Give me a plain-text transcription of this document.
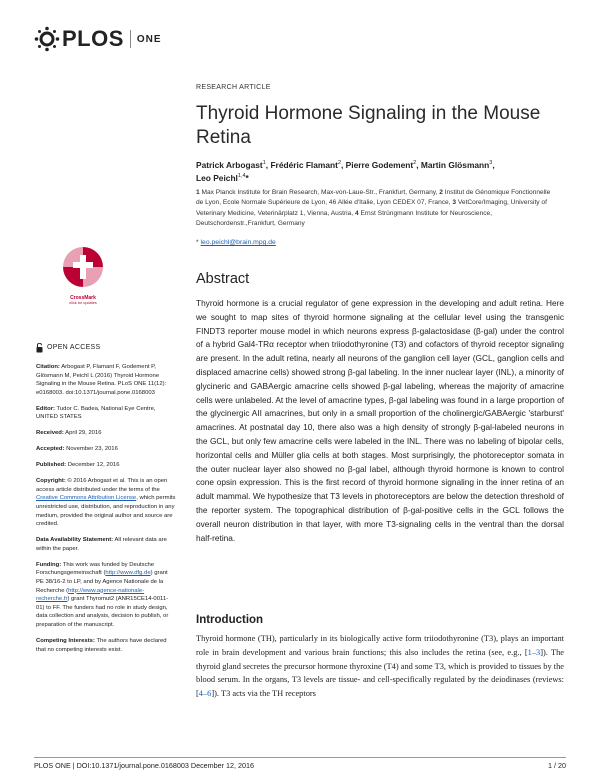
PLOS ONE
RESEARCH ARTICLE
Thyroid Hormone Signaling in the Mouse Retina
Patrick Arbogast$^1$, Frédéric Flamant$^2$, Pierre Godement$^2$, Martin Glösmann$^3$,
Leo Peichl$^{1,4}$*
1 Max Planck Institute for Brain Research, Max-von-Laue-Str., Frankfurt, Germany, 2 Institut de Génomique Fonctionnelle de Lyon, Ecole Normale Supérieure de Lyon, 46 Allée d'Italie, Lyon CEDEX 07, France, 3 VetCore/Imaging, University of Veterinary Medicine, Veterinärplatz 1, Vienna, Austria, 4 Ernst Strüngmann Institute for Neuroscience, Deutschordenstr.,Frankfurt, Germany
* leo.peichl@brain.mpg.de
CrossMark
click for updates
OPEN ACCESS

Citation: Arbogast P, Flamant F, Godement P, Glösmann M, Peichl L (2016) Thyroid Hormone Signaling in the Mouse Retina. PLoS ONE 11(12): e0168003. doi:10.1371/journal.pone.0168003

Editor: Tudor C. Badea, National Eye Centre, UNITED STATES

Received: April 29, 2016

Accepted: November 23, 2016

Published: December 12, 2016

Copyright: © 2016 Arbogast et al. This is an open access article distributed under the terms of the Creative Commons Attribution License, which permits unrestricted use, distribution, and reproduction in any medium, provided the original author and source are credited.

Data Availability Statement: All relevant data are within the paper.

Funding: This work was funded by Deutsche Forschungsgemeinschaft (http://www.dfg.de) grant PE 38/16-2 to LP, and by Agence Nationale de la Recherche (http://www.agence-nationale-recherche.fr) grant Thyromut2 (ANR15CE14-0011-01) to FF. The funders had no role in study design, data collection and analysis, decision to publish, or preparation of the manuscript.

Competing Interests: The authors have declared that no competing interests exist.

Abstract

Thyroid hormone is a crucial regulator of gene expression in the developing and adult retina. Here we sought to map sites of thyroid hormone signaling at the cellular level using the transgenic FINDT3 reporter mouse model in which neurons express β-galactosidase (β-gal) under the control of a hybrid Gal4-TRα receptor when triiodothyronine (T3) and cofactors of thyroid receptor signaling are present. In the adult retina, nearly all neurons of the ganglion cell layer (GCL, ganglion cells and displaced amacrine cells) showed strong β-gal labeling. In the inner nuclear layer (INL), a minority of glycineric and GABAergic amacrine cells showed β-gal labeling, whereas the majority of amacrine cells were unlabeled. At the level of amacrine types, β-gal labeling was found in a large proportion of the glycinergic AII amacrines, but only in a small proportion of the cholinergic/GABAergic 'starburst' amacrines. At postnatal day 10, there also was a high density of strongly β-gal-labeled neurons in the GCL, but only few amacrine cells were labeled in the INL. There was no labeling of bipolar cells, horizontal cells and Müller glia cells at both stages. Most surprisingly, the photoreceptor somata in the outer nuclear layer also showed no β-gal label, although thyroid hormone is known to control cone opsin expression. This is the first record of thyroid hormone signaling in the inner retina of an adult mammal. We hypothesize that T3 levels in photoreceptors are below the detection threshold of the reporter system. The topographical distribution of β-gal-positive cells in the GCL follows the overall neuron distribution in that layer, with more T3-signaling cells in the ventral than the dorsal half-retina.

Introduction

Thyroid hormone (TH), particularly in its biologically active form triiodothyronine (T3), plays an important role in brain development and various brain functions; this also includes the retina (see, e.g., [1–3]). The thyroid gland secretes the precursor hormone thyroxine (T4) and some T3, which is provided to tissues by the blood serum. In the organs, T3 levels are tissue- and cell-specifically regulated by the deiodinases (reviews: [4–6]). T3 acts via the TH receptors

PLOS ONE | DOI:10.1371/journal.pone.0168003 December 12, 2016	1 / 20
